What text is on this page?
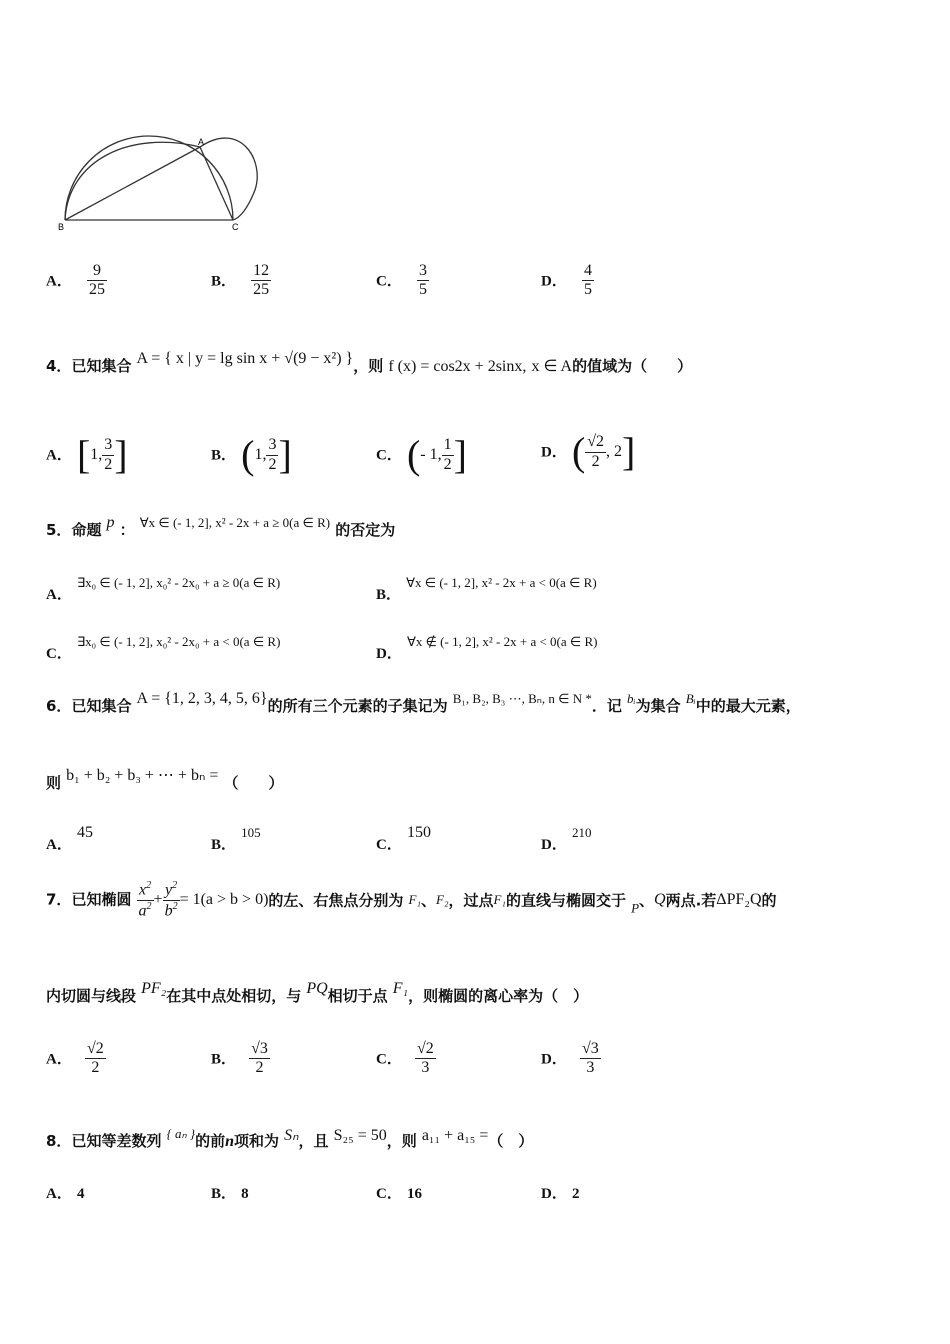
A
B	C
A． $\frac{9}{25}$	B． $\frac{12}{25}$	C． $\frac{3}{5}$	D． $\frac{4}{5}$
4．已知集合 A = { x | y = lg sin x + √(9 − x²) }，则 f (x) = cos2x + 2sinx, x ∈ A的值域为（　　）
A． [1, $\frac{3}{2}$ ]	B． (1, $\frac{3}{2}$ ]	C． (- 1, $\frac{1}{2}$ ]	D． ( $\frac{√2}{2}$ , 2]
5．命题 p ： $^{\forall x \in (- 1, 2], x^2 - 2x + a \ge 0(a \in R)}$ 的否定为
A． ∃x₀ ∈ (- 1, 2], x₀² - 2x₀ + a ≥ 0(a ∈ R)
B． ∀x ∈ (- 1, 2], x² - 2x + a < 0(a ∈ R)
C． ∃x₀ ∈ (- 1, 2], x₀² - 2x₀ + a < 0(a ∈ R)
D． ∀x ∉ (- 1, 2], x² - 2x + a < 0(a ∈ R)
6．已知集合 A = {1, 2, 3, 4, 5, 6}的所有三个元素的子集记为 $^{B_1, B_2, B_3 \cdots, B_n, n \in N *}$．记 $^{bᵢ}$为集合 $^{Bᵢ}$中的最大元素，
则 b₁ + b₂ + b₃ + ⋯ + bₙ = （　　）
A． 45
B． 105
C． 150
D． 210
7．已知椭圆 $\frac{x^2}{a^2} + \frac{y^2}{b^2} = 1(a > b > 0)$的左、右焦点分别为 F₁、F₂，过点F₁的直线与椭圆交于 $_P$、Q两点.若ΔPF₂Q的
内切圆与线段 PF₂在其中点处相切，与 PQ相切于点 F₁，则椭圆的离心率为（　）
A． $\frac{√2}{2}$	B． $\frac{√3}{2}$	C． $\frac{√2}{3}$	D． $\frac{√3}{3}$
8．已知等差数列 $^{\{ a_n \}}$的前n项和为 Sₙ，且 S₂₅ = 50，则 a₁₁ + a₁₅ =（　）
A． 4	B． 8	C． 16	D． 2
